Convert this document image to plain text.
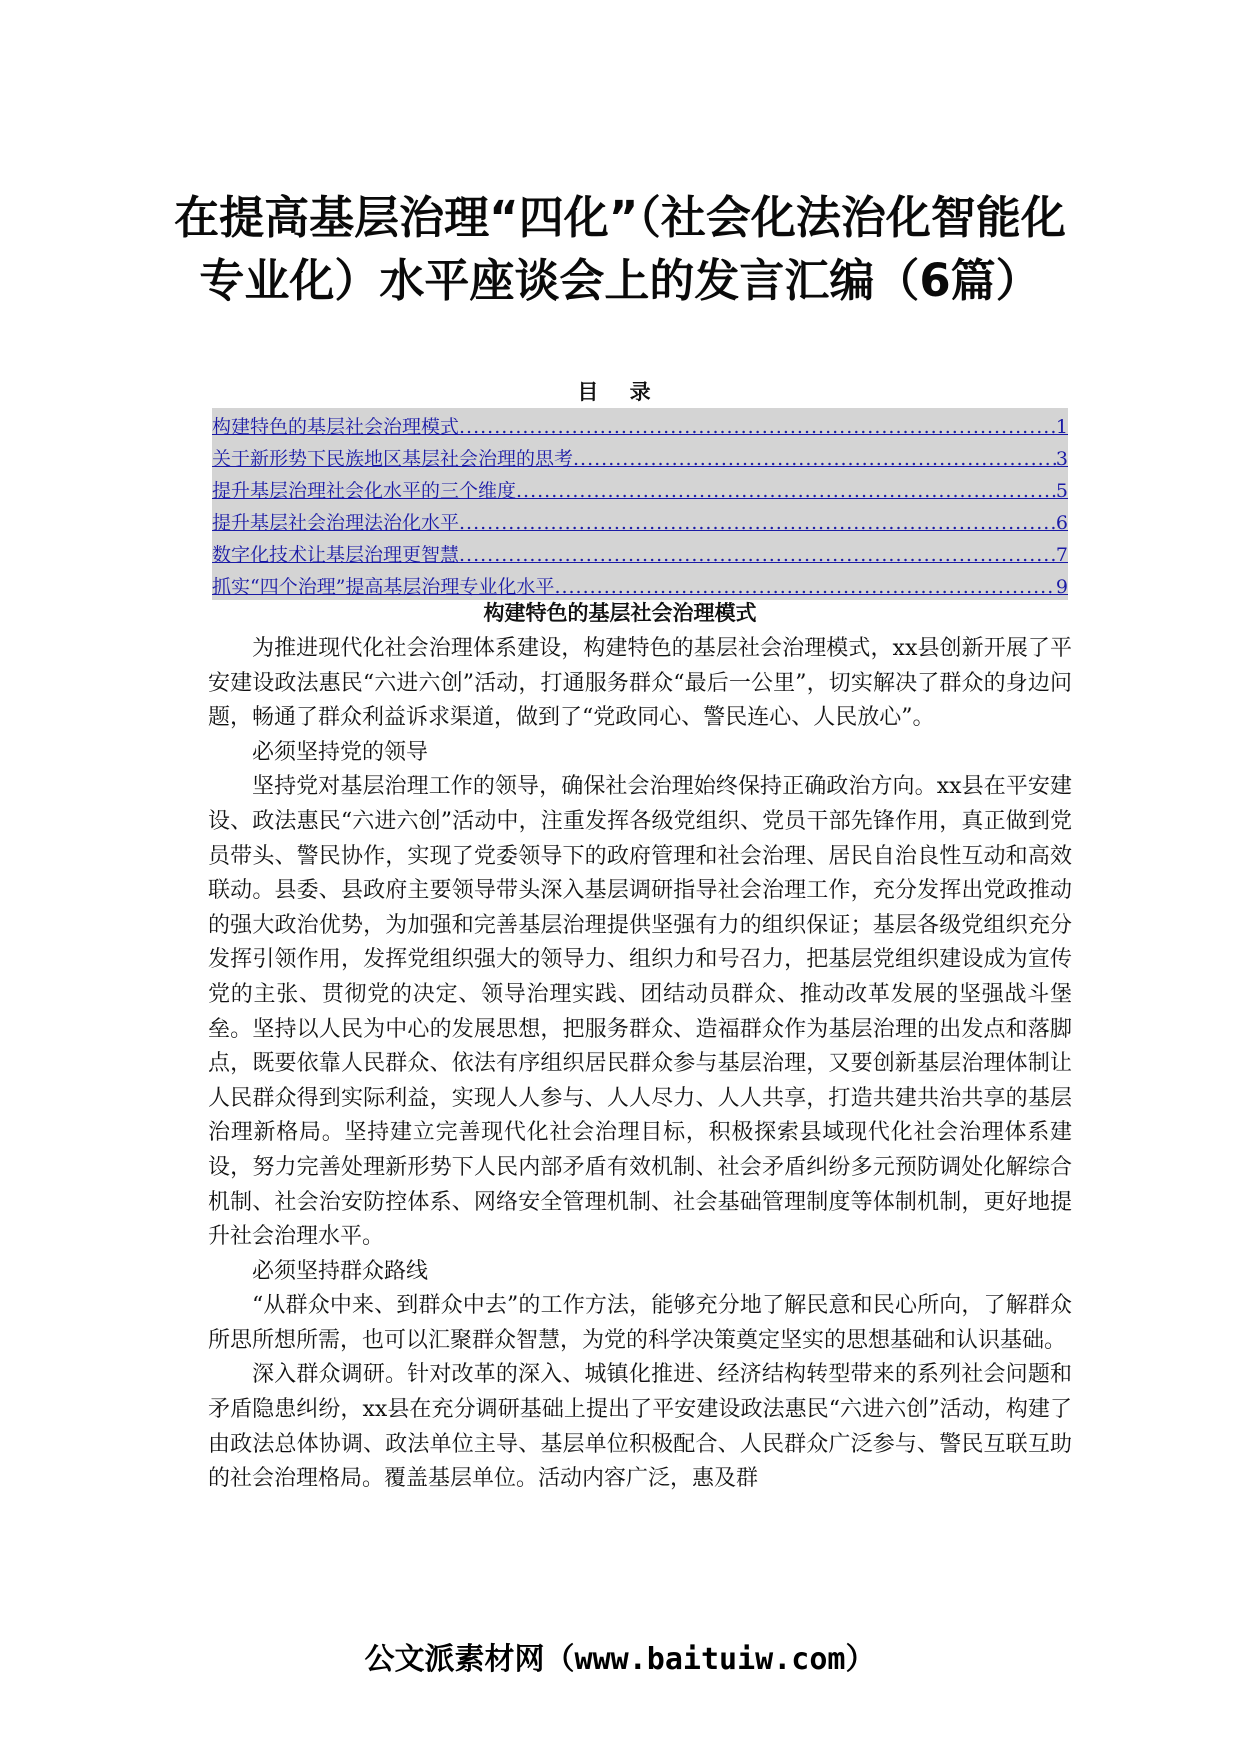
在提高基层治理“四化”（社会化法治化智能化专业化）水平座谈会上的发言汇编（6篇）
目 录
构建特色的基层社会治理模式 .....	1
关于新形势下民族地区基层社会治理的思考 .....	3
提升基层治理社会化水平的三个维度 .....	5
提升基层社会治理法治化水平 .....	6
数字化技术让基层治理更智慧 .....	7
抓实“四个治理”提高基层治理专业化水平 .....	9
构建特色的基层社会治理模式

为推进现代化社会治理体系建设，构建特色的基层社会治理模式，xx县创新开展了平安建设政法惠民“六进六创”活动，打通服务群众“最后一公里”，切实解决了群众的身边问题，畅通了群众利益诉求渠道，做到了“党政同心、警民连心、人民放心”。

必须坚持党的领导

坚持党对基层治理工作的领导，确保社会治理始终保持正确政治方向。xx县在平安建设、政法惠民“六进六创”活动中，注重发挥各级党组织、党员干部先锋作用，真正做到党员带头、警民协作，实现了党委领导下的政府管理和社会治理、居民自治良性互动和高效联动。县委、县政府主要领导带头深入基层调研指导社会治理工作，充分发挥出党政推动的强大政治优势，为加强和完善基层治理提供坚强有力的组织保证；基层各级党组织充分发挥引领作用，发挥党组织强大的领导力、组织力和号召力，把基层党组织建设成为宣传党的主张、贯彻党的决定、领导治理实践、团结动员群众、推动改革发展的坚强战斗堡垒。坚持以人民为中心的发展思想，把服务群众、造福群众作为基层治理的出发点和落脚点，既要依靠人民群众、依法有序组织居民群众参与基层治理，又要创新基层治理体制让人民群众得到实际利益，实现人人参与、人人尽力、人人共享，打造共建共治共享的基层治理新格局。坚持建立完善现代化社会治理目标，积极探索县域现代化社会治理体系建设，努力完善处理新形势下人民内部矛盾有效机制、社会矛盾纠纷多元预防调处化解综合机制、社会治安防控体系、网络安全管理机制、社会基础管理制度等体制机制，更好地提升社会治理水平。

必须坚持群众路线

“从群众中来、到群众中去”的工作方法，能够充分地了解民意和民心所向，了解群众所思所想所需，也可以汇聚群众智慧，为党的科学决策奠定坚实的思想基础和认识基础。

深入群众调研。针对改革的深入、城镇化推进、经济结构转型带来的系列社会问题和矛盾隐患纠纷，xx县在充分调研基础上提出了平安建设政法惠民“六进六创”活动，构建了由政法总体协调、政法单位主导、基层单位积极配合、人民群众广泛参与、警民互联互助的社会治理格局。覆盖基层单位。活动内容广泛，惠及群

公文派素材网（www.baituiw.com）
